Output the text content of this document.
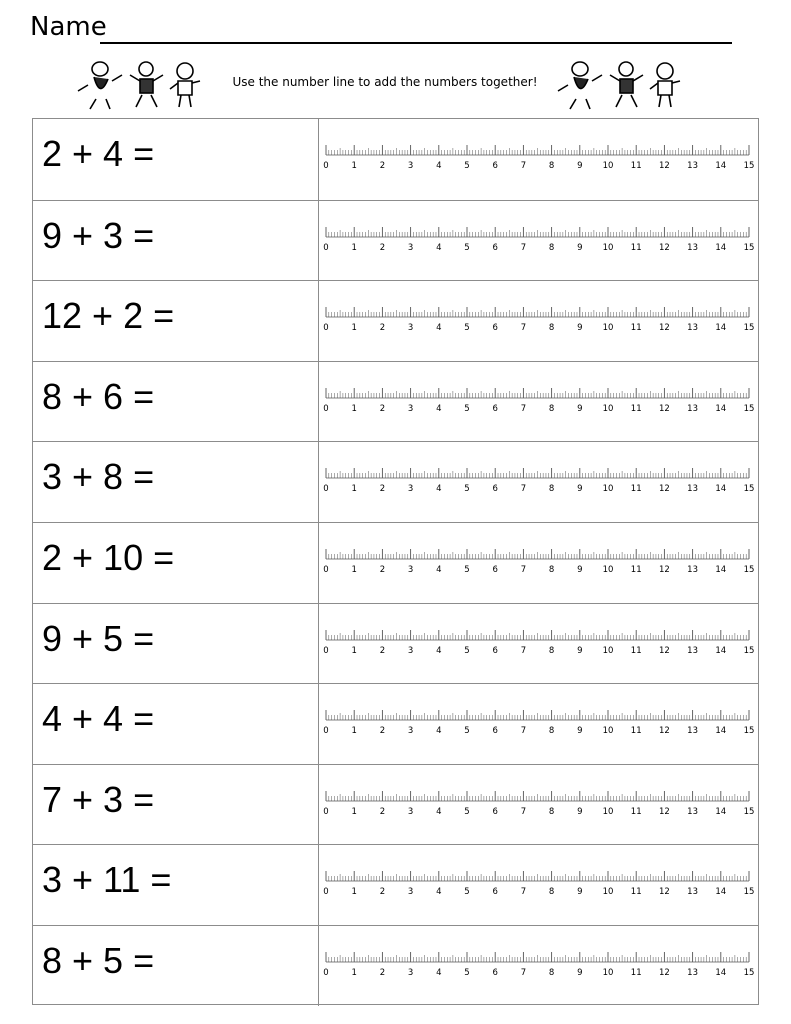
Name
Use the number line to add the numbers together!
2 + 4 =	0	1	2	3	4	5	6	7	8	9 10 11 12 13 14 15
9 + 3 =	0	1	2	3	4	5	6	7	8	9 10 11 12 13 14 15
12 + 2 =	0	1	2	3	4	5	6	7	8	9 10 11 12 13 14 15
8 + 6 =	0	1	2	3	4	5	6	7	8	9 10 11 12 13 14 15
3 + 8 =	0	1	2	3	4	5	6	7	8	9 10 11 12 13 14 15
2 + 10 =	0	1	2	3	4	5	6	7	8	9 10 11 12 13 14 15
9 + 5 =	0	1	2	3	4	5	6	7	8	9 10 11 12 13 14 15
4 + 4 =	0	1	2	3	4	5	6	7	8	9 10 11 12 13 14 15
7 + 3 =	0	1	2	3	4	5	6	7	8	9 10 11 12 13 14 15
3 + 11 =	0	1	2	3	4	5	6	7	8	9 10 11 12 13 14 15
8 + 5 =	0	1	2	3	4	5	6	7	8	9 10 11 12 13 14 15
